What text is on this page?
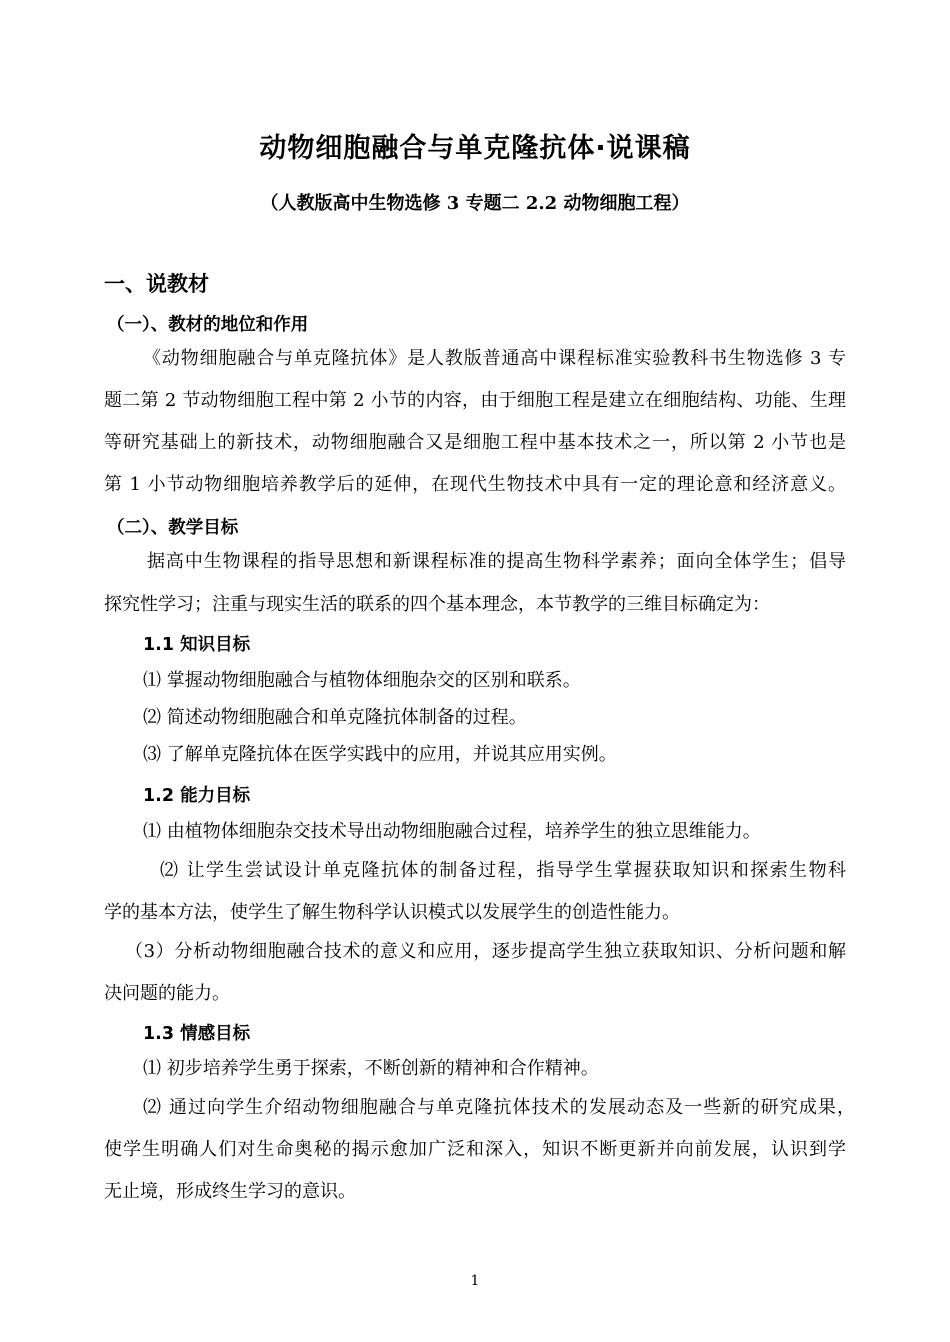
动物细胞融合与单克隆抗体·说课稿
（人教版高中生物选修 3 专题二 2.2 动物细胞工程）
一、说教材
（一）、教材的地位和作用
《动物细胞融合与单克隆抗体》是人教版普通高中课程标准实验教科书生物选修 3 专
题二第 2 节动物细胞工程中第 2 小节的内容，由于细胞工程是建立在细胞结构、功能、生理
等研究基础上的新技术，动物细胞融合又是细胞工程中基本技术之一，所以第 2 小节也是
第 1 小节动物细胞培养教学后的延伸，在现代生物技术中具有一定的理论意和经济意义。
（二）、教学目标
据高中生物课程的指导思想和新课程标准的提高生物科学素养；面向全体学生；倡导
探究性学习；注重与现实生活的联系的四个基本理念，本节教学的三维目标确定为：
1.1 知识目标
⑴ 掌握动物细胞融合与植物体细胞杂交的区别和联系。
⑵ 简述动物细胞融合和单克隆抗体制备的过程。
⑶ 了解单克隆抗体在医学实践中的应用，并说其应用实例。
1.2 能力目标
⑴ 由植物体细胞杂交技术导出动物细胞融合过程，培养学生的独立思维能力。
⑵ 让学生尝试设计单克隆抗体的制备过程，指导学生掌握获取知识和探索生物科
学的基本方法，使学生了解生物科学认识模式以发展学生的创造性能力。
（3）分析动物细胞融合技术的意义和应用，逐步提高学生独立获取知识、分析问题和解
决问题的能力。
1.3 情感目标
⑴ 初步培养学生勇于探索，不断创新的精神和合作精神。
⑵ 通过向学生介绍动物细胞融合与单克隆抗体技术的发展动态及一些新的研究成果，
使学生明确人们对生命奥秘的揭示愈加广泛和深入，知识不断更新并向前发展，认识到学
无止境，形成终生学习的意识。
1
